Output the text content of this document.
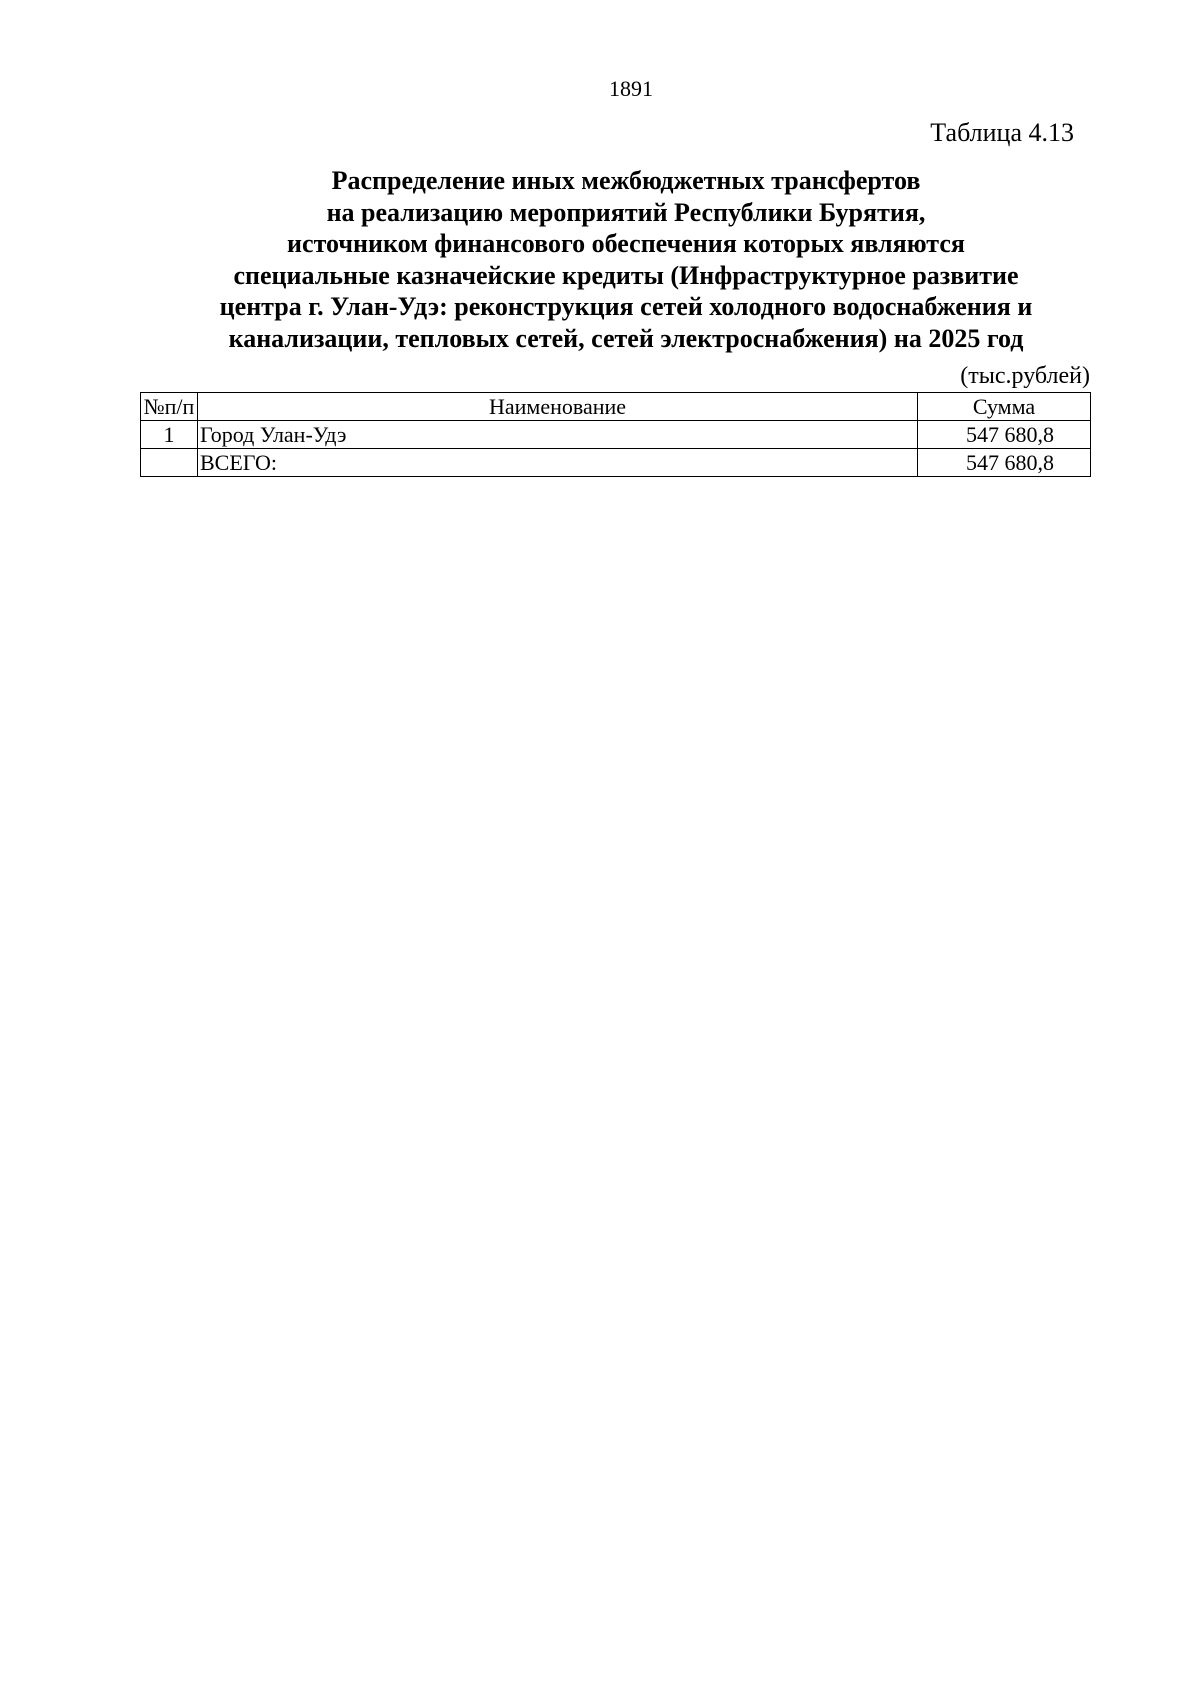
1891
Таблица 4.13
Распределение иных межбюджетных трансфертов
на реализацию мероприятий Республики Бурятия,
источником финансового обеспечения которых являются
специальные казначейские кредиты (Инфраструктурное развитие
центра г. Улан-Удэ: реконструкция сетей холодного водоснабжения и
канализации, тепловых сетей, сетей электроснабжения) на 2025 год
(тыс.рублей)
№п/п	Наименование	Сумма
1	Город Улан-Удэ	547 680,8
	ВСЕГО:	547 680,8
